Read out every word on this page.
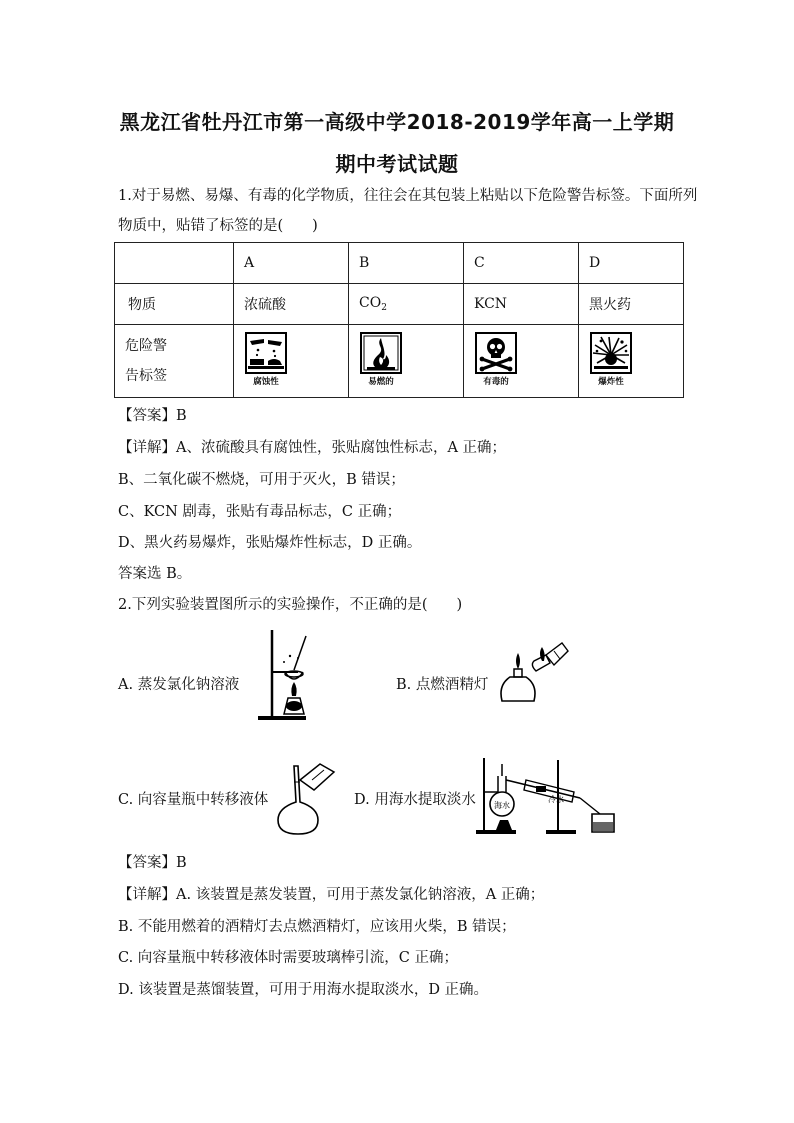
黑龙江省牡丹江市第一高级中学2018-2019学年高一上学期
期中考试试题
1.对于易燃、易爆、有毒的化学物质，往往会在其包装上粘贴以下危险警告标签。下面所列
物质中，贴错了标签的是(　　)
	A	B	C	D
物质	浓硫酸	$CO_2$	KCN	黑火药

危险警
告标签	腐蚀性	易燃的	有毒的	爆炸性
【答案】B
【详解】A、浓硫酸具有腐蚀性，张贴腐蚀性标志，A 正确；
B、二氧化碳不燃烧，可用于灭火，B 错误；
C、KCN 剧毒，张贴有毒品标志，C 正确；
D、黑火药易爆炸，张贴爆炸性标志，D 正确。
答案选 B。
2.下列实验装置图所示的实验操作，不正确的是(　　)
A. 蒸发氯化钠溶液	B. 点燃酒精灯
C. 向容量瓶中转移液体	D. 用海水提取淡水 海水
冷水
【答案】B
【详解】A. 该装置是蒸发装置，可用于蒸发氯化钠溶液，A 正确；
B. 不能用燃着的酒精灯去点燃酒精灯，应该用火柴，B 错误；
C. 向容量瓶中转移液体时需要玻璃棒引流，C 正确；
D. 该装置是蒸馏装置，可用于用海水提取淡水，D 正确。
